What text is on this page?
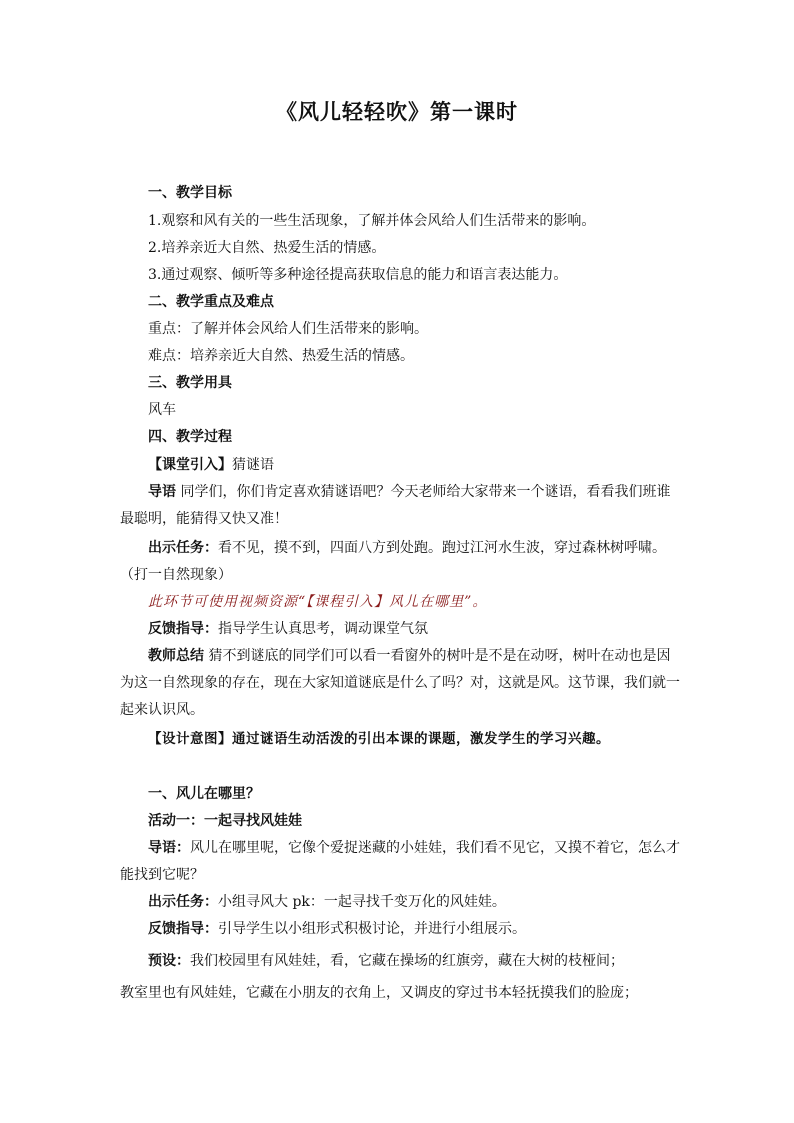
《风儿轻轻吹》第一课时
一、教学目标
1.观察和风有关的一些生活现象，了解并体会风给人们生活带来的影响。
2.培养亲近大自然、热爱生活的情感。
3.通过观察、倾听等多种途径提高获取信息的能力和语言表达能力。
二、教学重点及难点
重点：了解并体会风给人们生活带来的影响。
难点：培养亲近大自然、热爱生活的情感。
三、教学用具
风车
四、教学过程
【课堂引入】猜谜语
导语 同学们，你们肯定喜欢猜谜语吧？今天老师给大家带来一个谜语，看看我们班谁
最聪明，能猜得又快又准！
出示任务：看不见，摸不到，四面八方到处跑。跑过江河水生波，穿过森林树呼啸。
（打一自然现象）
此环节可使用视频资源“【课程引入】风儿在哪里”。
反馈指导：指导学生认真思考，调动课堂气氛
教师总结 猜不到谜底的同学们可以看一看窗外的树叶是不是在动呀，树叶在动也是因
为这一自然现象的存在，现在大家知道谜底是什么了吗？对，这就是风。这节课，我们就一
起来认识风。
【设计意图】通过谜语生动活泼的引出本课的课题，激发学生的学习兴趣。
一、风儿在哪里？
活动一：一起寻找风娃娃
导语：风儿在哪里呢，它像个爱捉迷藏的小娃娃，我们看不见它，又摸不着它，怎么才
能找到它呢？
出示任务：小组寻风大 pk：一起寻找千变万化的风娃娃。
反馈指导：引导学生以小组形式积极讨论，并进行小组展示。
预设：我们校园里有风娃娃，看，它藏在操场的红旗旁，藏在大树的枝桠间；
教室里也有风娃娃，它藏在小朋友的衣角上，又调皮的穿过书本轻抚摸我们的脸庞；
